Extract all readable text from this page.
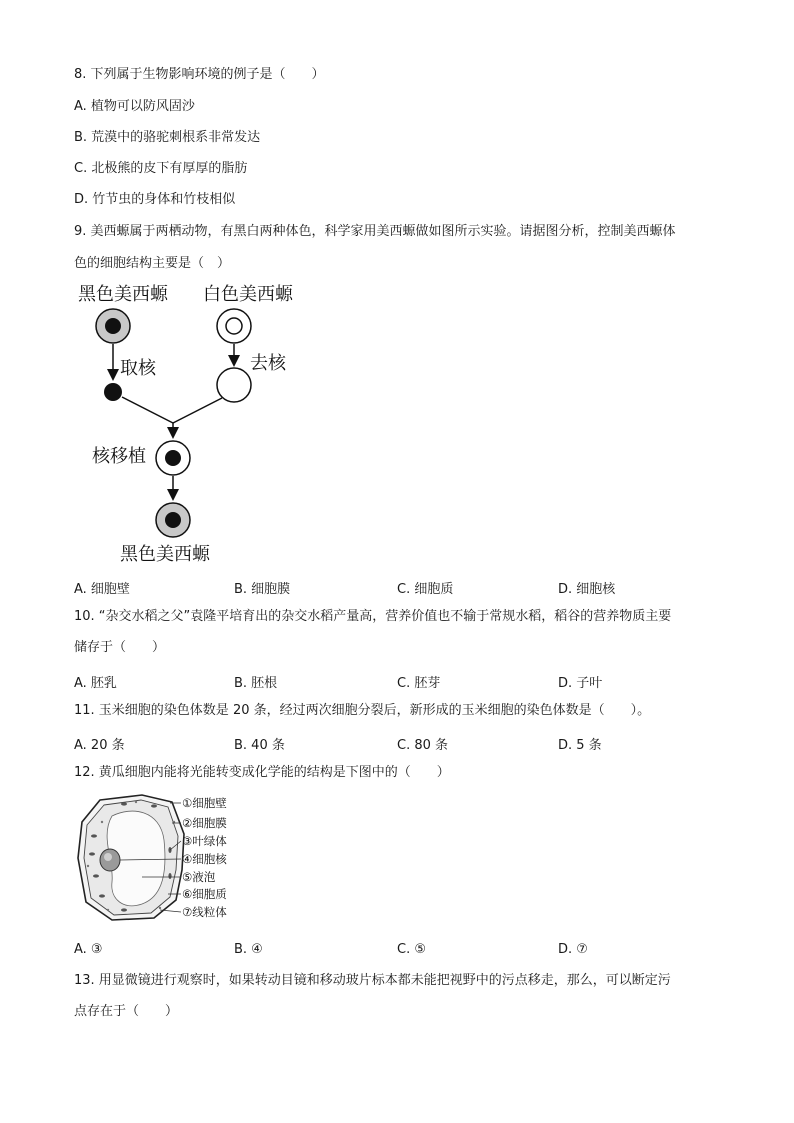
8. 下列属于生物影响环境的例子是（　　）
A. 植物可以防风固沙
B. 荒漠中的骆驼刺根系非常发达
C. 北极熊的皮下有厚厚的脂肪
D. 竹节虫的身体和竹枝相似
9. 美西螈属于两栖动物，有黑白两种体色，科学家用美西螈做如图所示实验。请据图分析，控制美西螈体
色的细胞结构主要是（　）
黑色美西螈 白色美西螈
取核	去核
核移植
黑色美西螈
A. 细胞壁	B. 细胞膜	C. 细胞质	D. 细胞核
10. “杂交水稻之父”袁隆平培育出的杂交水稻产量高，营养价值也不输于常规水稻，稻谷的营养物质主要
储存于（　　）
A. 胚乳	B. 胚根	C. 胚芽	D. 子叶
11. 玉米细胞的染色体数是 20 条，经过两次细胞分裂后，新形成的玉米细胞的染色体数是（　　）。
A. 20 条	B. 40 条	C. 80 条	D. 5 条
12. 黄瓜细胞内能将光能转变成化学能的结构是下图中的（　　）
①细胞壁
②细胞膜
③叶绿体
④细胞核
⑤液泡
⑥细胞质
⑦线粒体
A. ③	B. ④	C. ⑤	D. ⑦
13. 用显微镜进行观察时，如果转动目镜和移动玻片标本都未能把视野中的污点移走，那么，可以断定污
点存在于（　　）
